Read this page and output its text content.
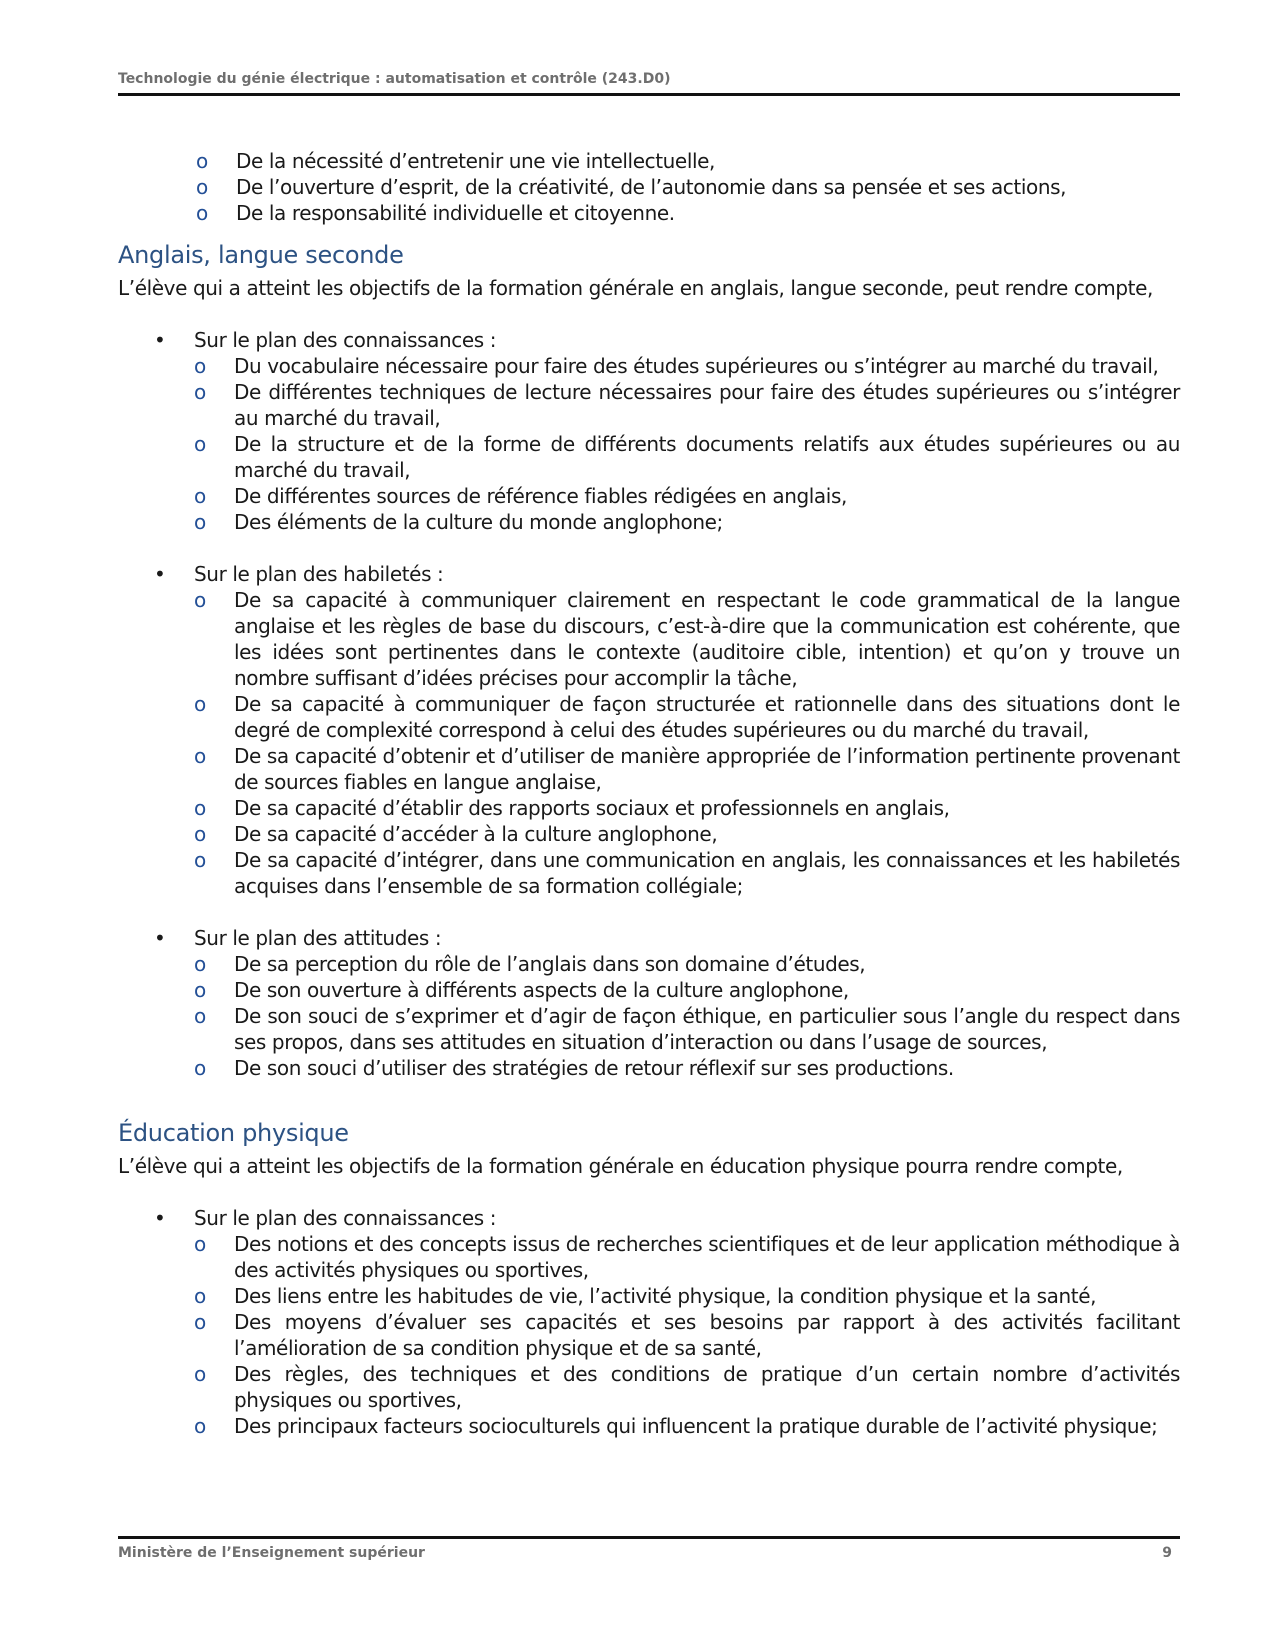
Technologie du génie électrique : automatisation et contrôle (243.D0)
o De la nécessité d’entretenir une vie intellectuelle,
o De l’ouverture d’esprit, de la créativité, de l’autonomie dans sa pensée et ses actions,
o De la responsabilité individuelle et citoyenne.
Anglais, langue seconde

L’élève qui a atteint les objectifs de la formation générale en anglais, langue seconde, peut rendre compte,

• Sur le plan des connaissances :
o Du vocabulaire nécessaire pour faire des études supérieures ou s’intégrer au marché du travail,
o De différentes techniques de lecture nécessaires pour faire des études supérieures ou s’intégrer au marché du travail,
o De la structure et de la forme de différents documents relatifs aux études supérieures ou au marché du travail,
o De différentes sources de référence fiables rédigées en anglais,
o Des éléments de la culture du monde anglophone;
• Sur le plan des habiletés :
o De sa capacité à communiquer clairement en respectant le code grammatical de la langue anglaise et les règles de base du discours, c’est-à-dire que la communication est cohérente, que les idées sont pertinentes dans le contexte (auditoire cible, intention) et qu’on y trouve un nombre suffisant d’idées précises pour accomplir la tâche,
o De sa capacité à communiquer de façon structurée et rationnelle dans des situations dont le degré de complexité correspond à celui des études supérieures ou du marché du travail,
o De sa capacité d’obtenir et d’utiliser de manière appropriée de l’information pertinente provenant de sources fiables en langue anglaise,
o De sa capacité d’établir des rapports sociaux et professionnels en anglais,
o De sa capacité d’accéder à la culture anglophone,
o De sa capacité d’intégrer, dans une communication en anglais, les connaissances et les habiletés acquises dans l’ensemble de sa formation collégiale;
• Sur le plan des attitudes :
o De sa perception du rôle de l’anglais dans son domaine d’études,
o De son ouverture à différents aspects de la culture anglophone,
o De son souci de s’exprimer et d’agir de façon éthique, en particulier sous l’angle du respect dans ses propos, dans ses attitudes en situation d’interaction ou dans l’usage de sources,
o De son souci d’utiliser des stratégies de retour réflexif sur ses productions.
Éducation physique

L’élève qui a atteint les objectifs de la formation générale en éducation physique pourra rendre compte,

• Sur le plan des connaissances :
o Des notions et des concepts issus de recherches scientifiques et de leur application méthodique à des activités physiques ou sportives,
o Des liens entre les habitudes de vie, l’activité physique, la condition physique et la santé,
o Des moyens d’évaluer ses capacités et ses besoins par rapport à des activités facilitant l’amélioration de sa condition physique et de sa santé,
o Des règles, des techniques et des conditions de pratique d’un certain nombre d’activités physiques ou sportives,
o Des principaux facteurs socioculturels qui influencent la pratique durable de l’activité physique;
Ministère de l’Enseignement supérieur	9
